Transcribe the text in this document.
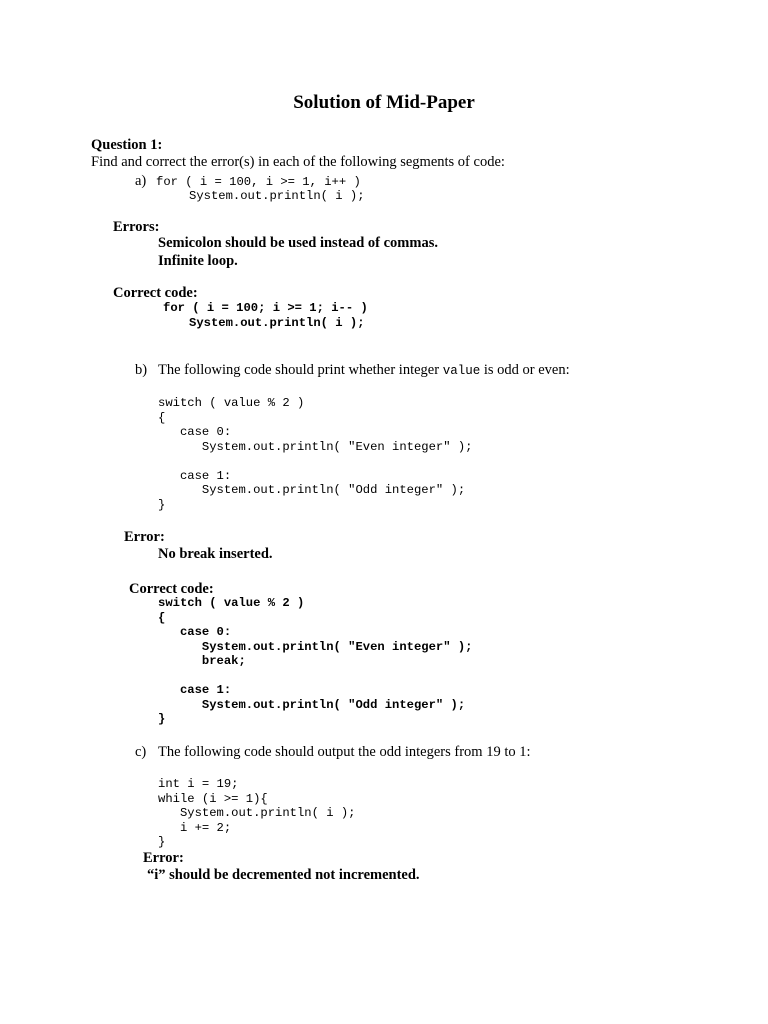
Solution of Mid-Paper
Question 1:
Find and correct the error(s) in each of the following segments of code:
a) for ( i = 100, i >= 1, i++ )
System.out.println( i );
Errors:
Semicolon should be used instead of commas.
Infinite loop.
Correct code:
for ( i = 100; i >= 1; i-- )
System.out.println( i );
b) The following code should print whether integer value is odd or even:
switch ( value % 2 )
{
case 0:
System.out.println( "Even integer" );

case 1:
System.out.println( "Odd integer" );
}
Error:
No break inserted.
Correct code:
switch ( value % 2 )
{
case 0:
System.out.println( "Even integer" );
break;

case 1:
System.out.println( "Odd integer" );
}
c) The following code should output the odd integers from 19 to 1:
int i = 19;
while (i >= 1){
System.out.println( i );
i += 2;
}
Error:
“i” should be decremented not incremented.
